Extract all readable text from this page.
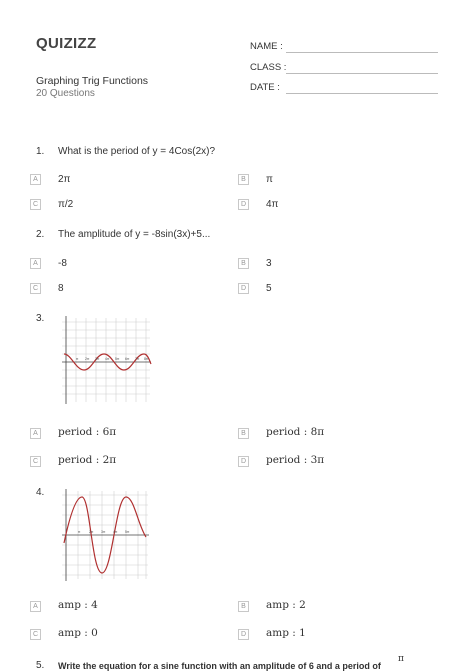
QUIZIZZ
Graphing Trig Functions
20 Questions
NAME :
CLASS :
DATE :
1. What is the period of y = 4Cos(2x)?
A	2π	B	π
C π/2	D 4π
2. The amplitude of y = -8sin(3x)+5...
A	-8	B	3
C 8	D 5
3.
π 2π 3π 4π 5π 6π 7π 8π
A	period : 6π	B	period : 8π
C period : 2π	D period : 3π
4.
π 2π 3π 4π 5π
A	amp : 4	B	amp : 2
C amp : 0	D amp : 1
5. Write the equation for a sine function with an amplitude of 6 and a period of
π
